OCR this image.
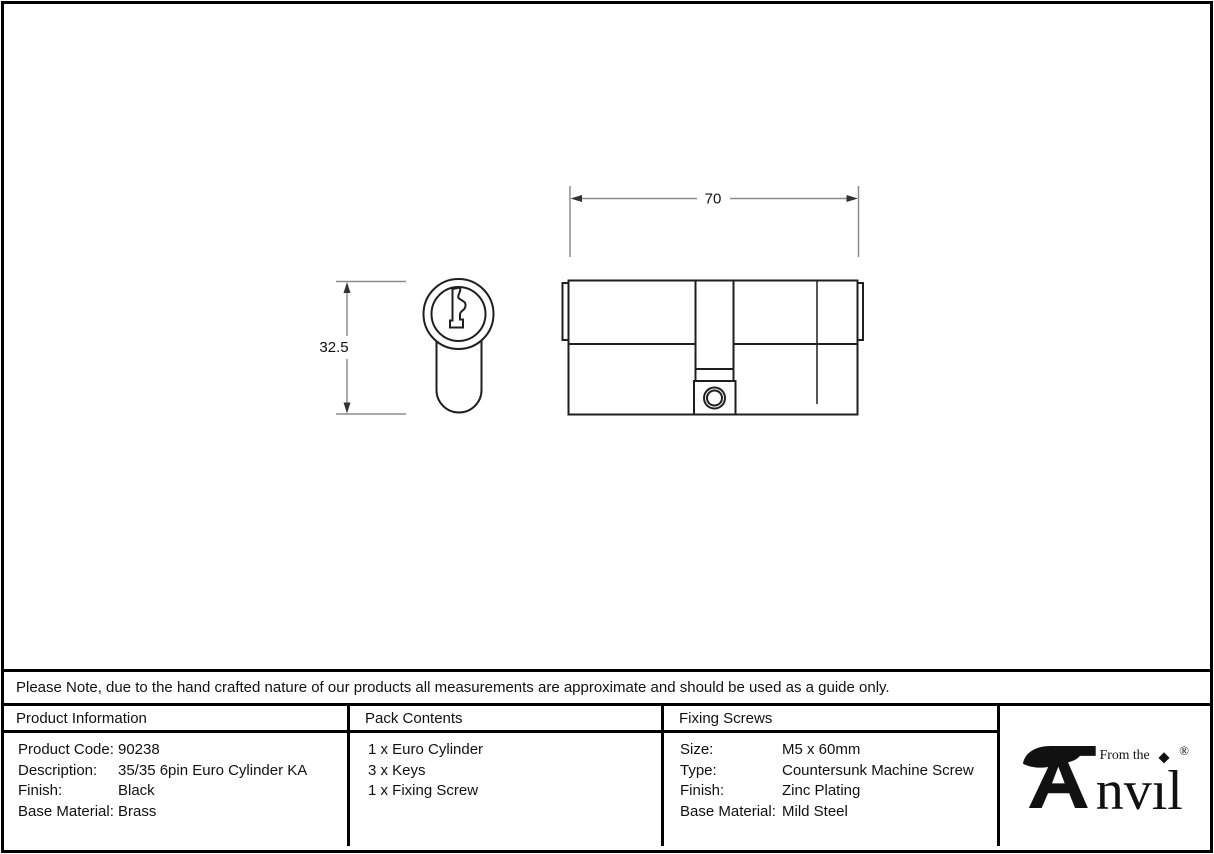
70
32.5
Please Note, due to the hand crafted nature of our products all measurements are approximate and should be used as a guide only.
Product Information
Product Code: 90238
Description:	35/35 6pin Euro Cylinder KA
Finish:	Black
Base Material: Brass
Pack Contents
1 x Euro Cylinder
3 x Keys
1 x Fixing Screw
Fixing Screws
Size:	M5 x 60mm
Type:	Countersunk Machine Screw
Finish:	Zinc Plating
Base Material: Mild Steel
From the
nvıl
®
